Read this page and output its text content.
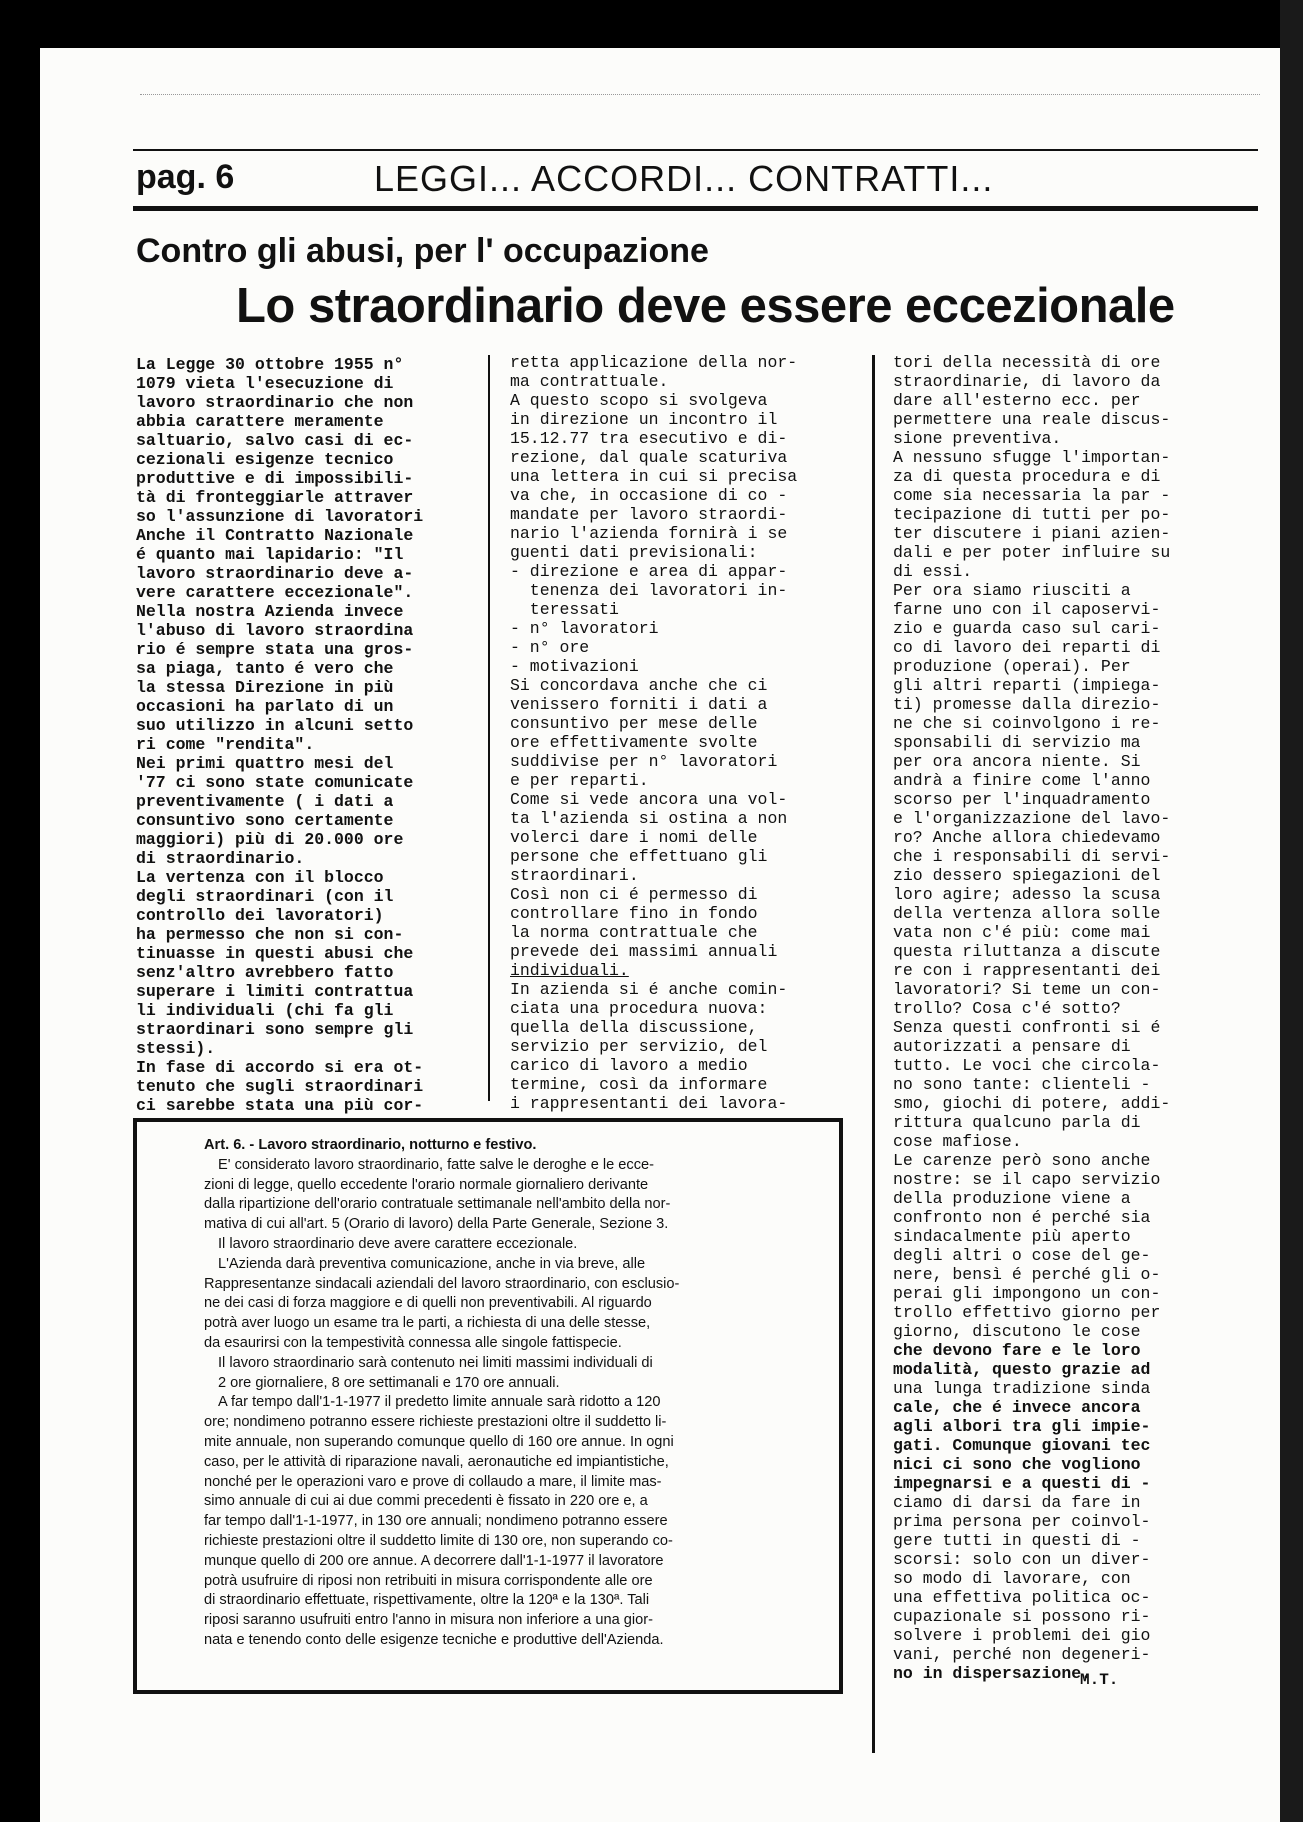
pag. 6	LEGGI... ACCORDI... CONTRATTI...
Contro gli abusi, per l' occupazione
Lo straordinario deve essere eccezionale
La Legge 30 ottobre 1955 n°
1079 vieta l'esecuzione di
lavoro straordinario che non
abbia carattere meramente
saltuario, salvo casi di ec-
cezionali esigenze tecnico
produttive e di impossibili-
tà di fronteggiarle attraver
so l'assunzione di lavoratori
Anche il Contratto Nazionale
é quanto mai lapidario: "Il
lavoro straordinario deve a-
vere carattere eccezionale".
Nella nostra Azienda invece
l'abuso di lavoro straordina
rio é sempre stata una gros-
sa piaga, tanto é vero che
la stessa Direzione in più
occasioni ha parlato di un
suo utilizzo in alcuni setto
ri come "rendita".
Nei primi quattro mesi del
'77 ci sono state comunicate
preventivamente ( i dati a
consuntivo sono certamente
maggiori) più di 20.000 ore
di straordinario.
La vertenza con il blocco
degli straordinari (con il
controllo dei lavoratori)
ha permesso che non si con-
tinuasse in questi abusi che
senz'altro avrebbero fatto
superare i limiti contrattua
li individuali (chi fa gli
straordinari sono sempre gli
stessi).
In fase di accordo si era ot-
tenuto che sugli straordinari
ci sarebbe stata una più cor-
retta applicazione della nor-
ma contrattuale.
A questo scopo si svolgeva
in direzione un incontro il
15.12.77 tra esecutivo e di-
rezione, dal quale scaturiva
una lettera in cui si precisa
va che, in occasione di co -
mandate per lavoro straordi-
nario l'azienda fornirà i se
guenti dati previsionali:
- direzione e area di appar-
tenenza dei lavoratori in-
teressati
- n° lavoratori
- n° ore
- motivazioni
Si concordava anche che ci
venissero forniti i dati a
consuntivo per mese delle
ore effettivamente svolte
suddivise per n° lavoratori
e per reparti.
Come si vede ancora una vol-
ta l'azienda si ostina a non
volerci dare i nomi delle
persone che effettuano gli
straordinari.
Così non ci é permesso di
controllare fino in fondo
la norma contrattuale che
prevede dei massimi annuali
individuali.
In azienda si é anche comin-
ciata una procedura nuova:
quella della discussione,
servizio per servizio, del
carico di lavoro a medio
termine, così da informare
i rappresentanti dei lavora-
tori della necessità di ore
straordinarie, di lavoro da
dare all'esterno ecc. per
permettere una reale discus-
sione preventiva.
A nessuno sfugge l'importan-
za di questa procedura e di
come sia necessaria la par -
tecipazione di tutti per po-
ter discutere i piani azien-
dali e per poter influire su
di essi.
Per ora siamo riusciti a
farne uno con il caposervi-
zio e guarda caso sul cari-
co di lavoro dei reparti di
produzione (operai). Per
gli altri reparti (impiega-
ti) promesse dalla direzio-
ne che si coinvolgono i re-
sponsabili di servizio ma
per ora ancora niente. Si
andrà a finire come l'anno
scorso per l'inquadramento
e l'organizzazione del lavo-
ro? Anche allora chiedevamo
che i responsabili di servi-
zio dessero spiegazioni del
loro agire; adesso la scusa
della vertenza allora solle
vata non c'é più: come mai
questa riluttanza a discute
re con i rappresentanti dei
lavoratori? Si teme un con-
trollo? Cosa c'é sotto?
Senza questi confronti si é
autorizzati a pensare di
tutto. Le voci che circola-
no sono tante: clienteli -
smo, giochi di potere, addi-
rittura qualcuno parla di
cose mafiose.
Le carenze però sono anche
nostre: se il capo servizio
della produzione viene a
confronto non é perché sia
sindacalmente più aperto
degli altri o cose del ge-
nere, bensì é perché gli o-
perai gli impongono un con-
trollo effettivo giorno per
giorno, discutono le cose
che devono fare e le loro
modalità, questo grazie ad
una lunga tradizione sinda
cale, che é invece ancora
agli albori tra gli impie-
gati. Comunque giovani tec
nici ci sono che vogliono
impegnarsi e a questi di -
ciamo di darsi da fare in
prima persona per coinvol-
gere tutti in questi di -
scorsi: solo con un diver-
so modo di lavorare, con
una effettiva politica oc-
cupazionale si possono ri-
solvere i problemi dei gio
vani, perché non degeneri-
no in dispersazione.
M.T.
Art. 6. - Lavoro straordinario, notturno e festivo.
E' considerato lavoro straordinario, fatte salve le deroghe e le ecce-
zioni di legge, quello eccedente l'orario normale giornaliero derivante
dalla ripartizione dell'orario contratuale settimanale nell'ambito della nor-
mativa di cui all'art. 5 (Orario di lavoro) della Parte Generale, Sezione 3.
Il lavoro straordinario deve avere carattere eccezionale.
L'Azienda darà preventiva comunicazione, anche in via breve, alle
Rappresentanze sindacali aziendali del lavoro straordinario, con esclusio-
ne dei casi di forza maggiore e di quelli non preventivabili. Al riguardo
potrà aver luogo un esame tra le parti, a richiesta di una delle stesse,
da esaurirsi con la tempestività connessa alle singole fattispecie.
Il lavoro straordinario sarà contenuto nei limiti massimi individuali di
2 ore giornaliere, 8 ore settimanali e 170 ore annuali.
A far tempo dall'1-1-1977 il predetto limite annuale sarà ridotto a 120
ore; nondimeno potranno essere richieste prestazioni oltre il suddetto li-
mite annuale, non superando comunque quello di 160 ore annue. In ogni
caso, per le attività di riparazione navali, aeronautiche ed impiantistiche,
nonché per le operazioni varo e prove di collaudo a mare, il limite mas-
simo annuale di cui ai due commi precedenti è fissato in 220 ore e, a
far tempo dall'1-1-1977, in 130 ore annuali; nondimeno potranno essere
richieste prestazioni oltre il suddetto limite di 130 ore, non superando co-
munque quello di 200 ore annue. A decorrere dall'1-1-1977 il lavoratore
potrà usufruire di riposi non retribuiti in misura corrispondente alle ore
di straordinario effettuate, rispettivamente, oltre la 120ª e la 130ª. Tali
riposi saranno usufruiti entro l'anno in misura non inferiore a una gior-
nata e tenendo conto delle esigenze tecniche e produttive dell'Azienda.
